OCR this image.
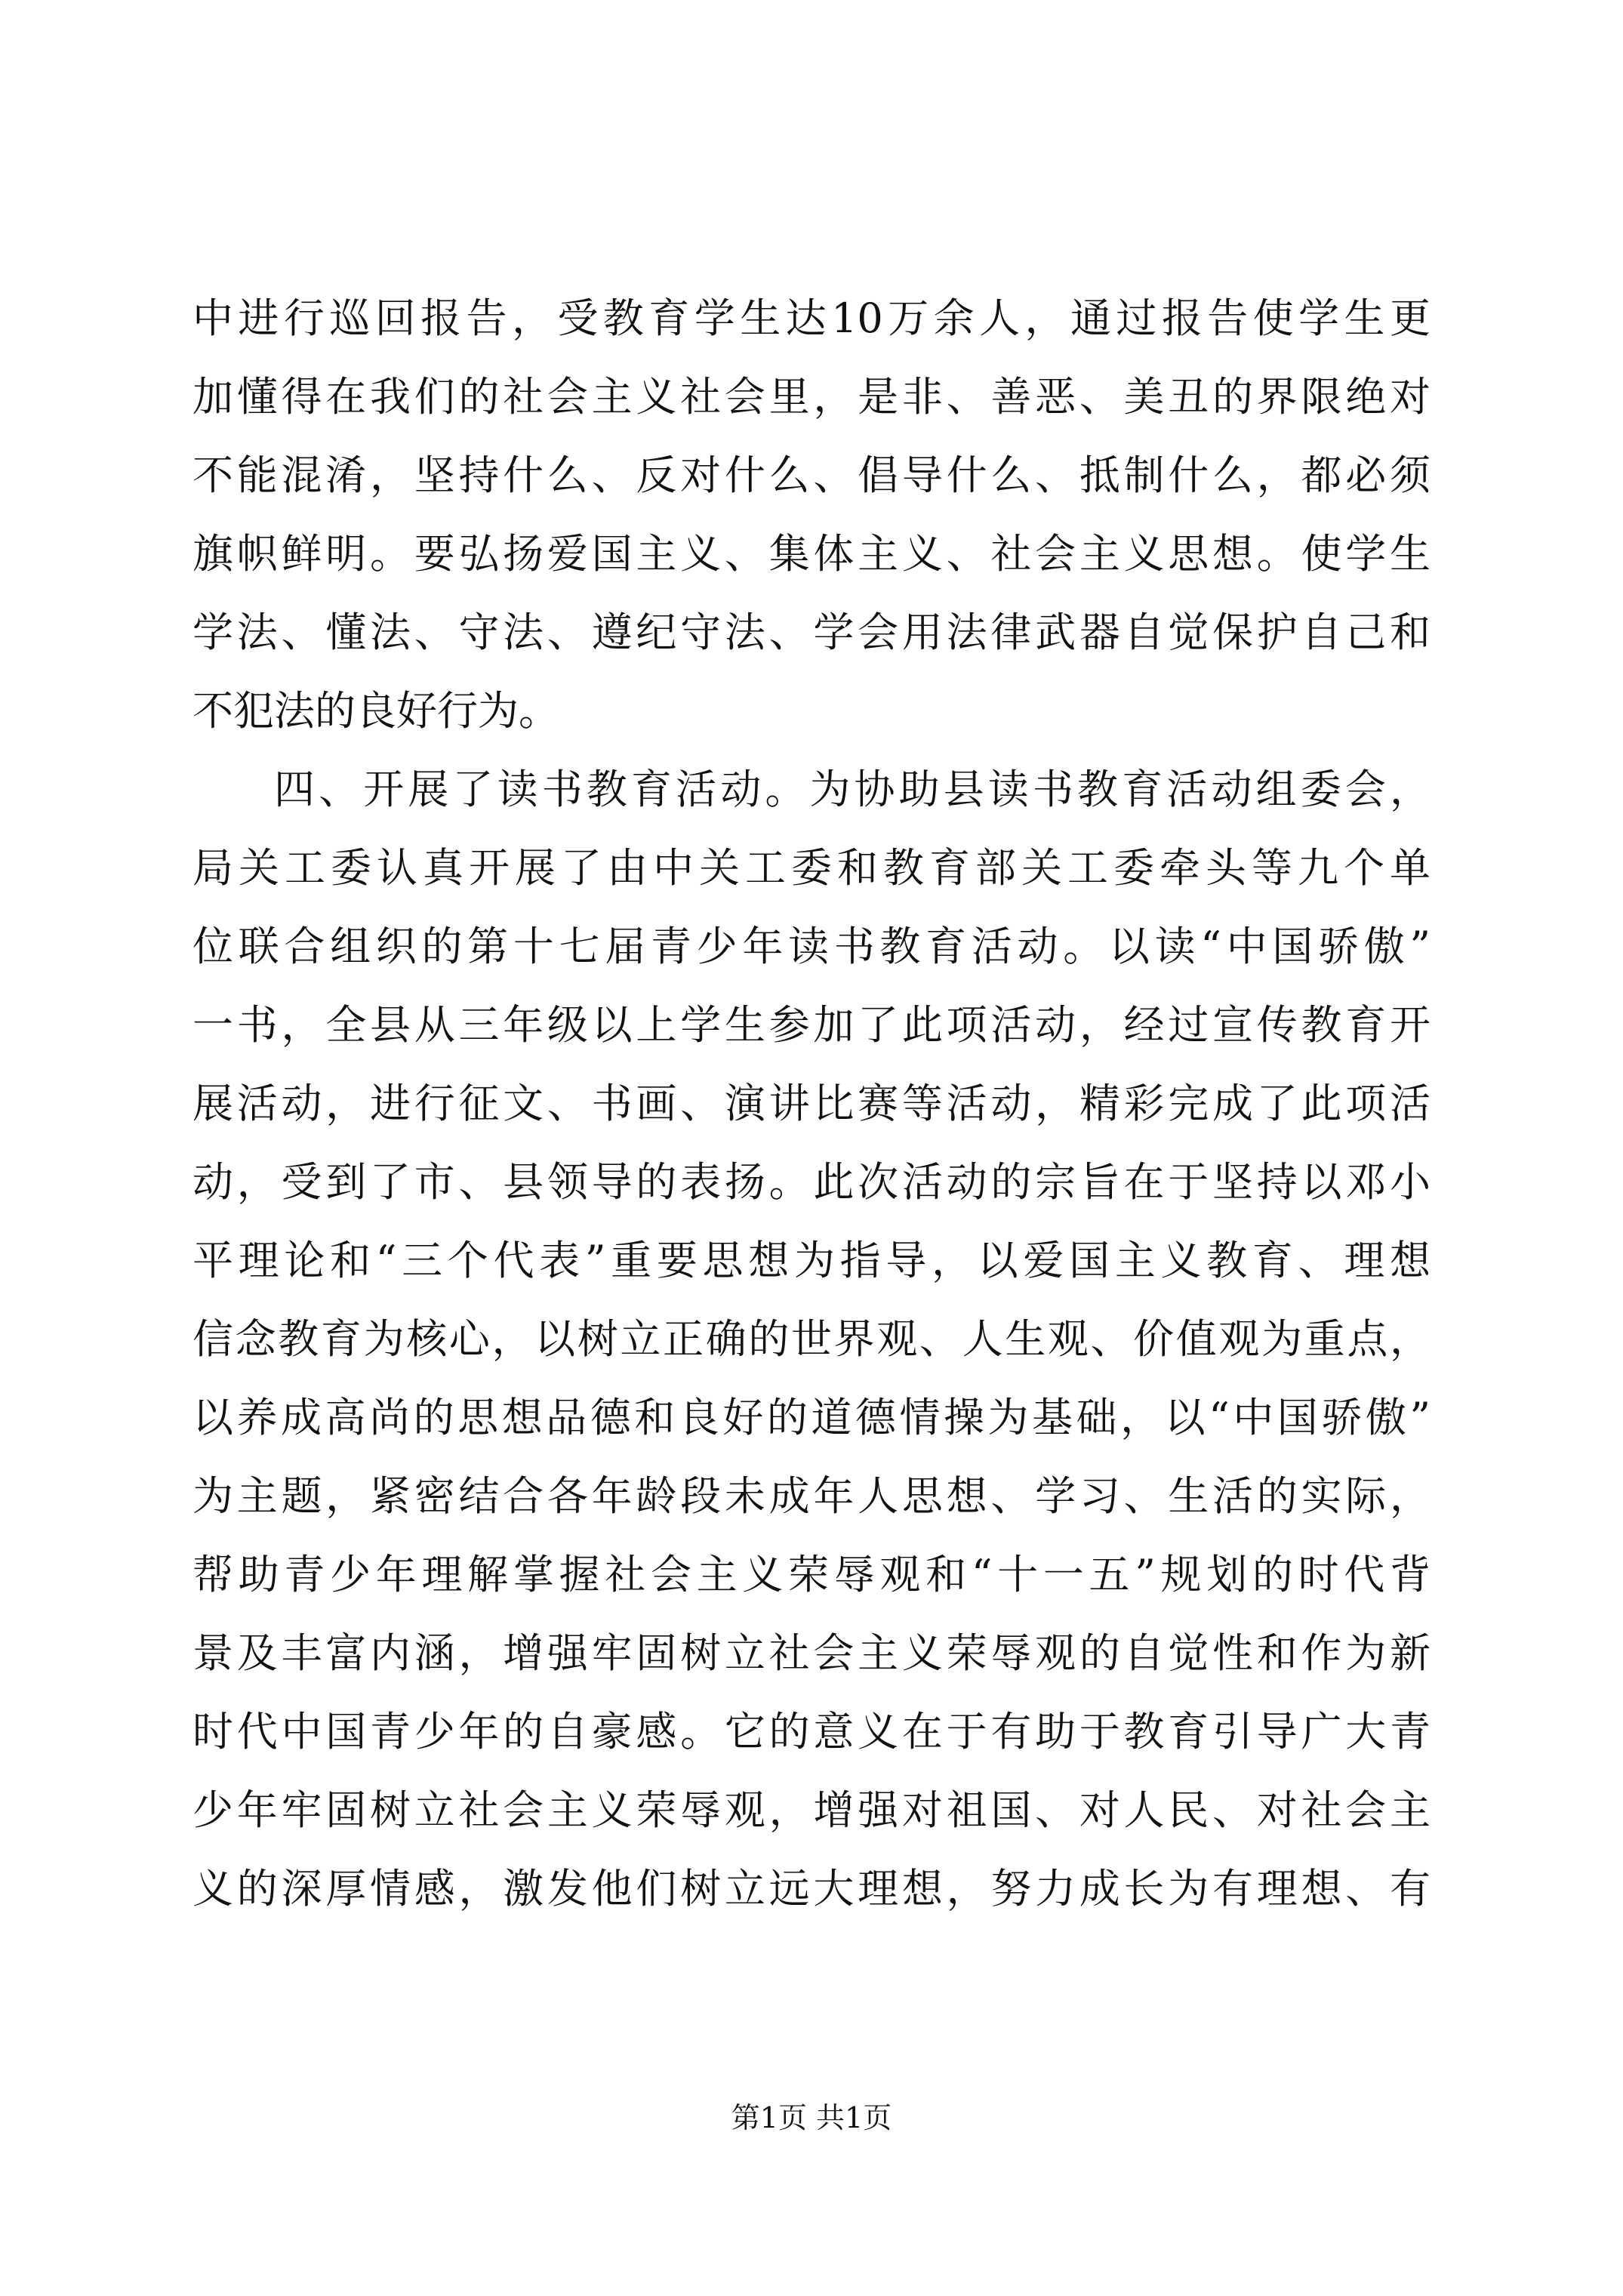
中进行巡回报告，受教育学生达10万余人，通过报告使学生更
加懂得在我们的社会主义社会里，是非、善恶、美丑的界限绝对
不能混淆，坚持什么、反对什么、倡导什么、抵制什么，都必须
旗帜鲜明。要弘扬爱国主义、集体主义、社会主义思想。使学生
学法、懂法、守法、遵纪守法、学会用法律武器自觉保护自己和
不犯法的良好行为。
四、开展了读书教育活动。为协助县读书教育活动组委会，
局关工委认真开展了由中关工委和教育部关工委牵头等九个单
位联合组织的第十七届青少年读书教育活动。以读“中国骄傲”
一书，全县从三年级以上学生参加了此项活动，经过宣传教育开
展活动，进行征文、书画、演讲比赛等活动，精彩完成了此项活
动，受到了市、县领导的表扬。此次活动的宗旨在于坚持以邓小
平理论和“三个代表”重要思想为指导，以爱国主义教育、理想
信念教育为核心，以树立正确的世界观、人生观、价值观为重点，
以养成高尚的思想品德和良好的道德情操为基础，以“中国骄傲”
为主题，紧密结合各年龄段未成年人思想、学习、生活的实际，
帮助青少年理解掌握社会主义荣辱观和“十一五”规划的时代背
景及丰富内涵，增强牢固树立社会主义荣辱观的自觉性和作为新
时代中国青少年的自豪感。它的意义在于有助于教育引导广大青
少年牢固树立社会主义荣辱观，增强对祖国、对人民、对社会主
义的深厚情感，激发他们树立远大理想，努力成长为有理想、有
第1页 共1页
